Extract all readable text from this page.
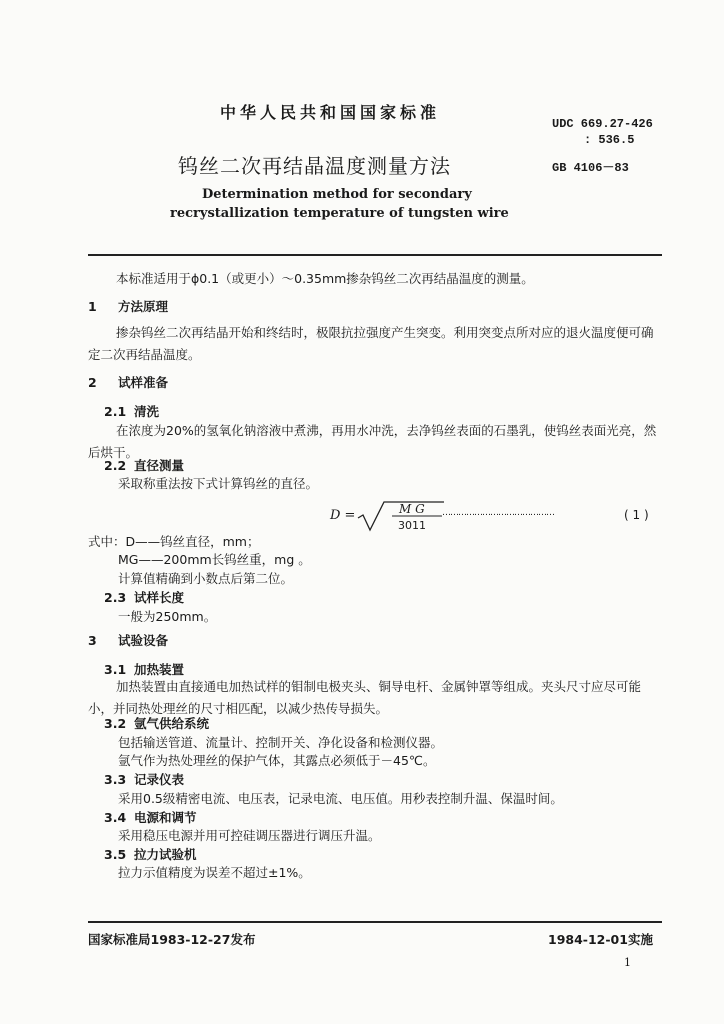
中华人民共和国国家标准
UDC 669.27-426
: 536.5
钨丝二次再结晶温度测量方法	GB 4106－83
Determination method for secondary
recrystallization temperature of tungsten wire
本标准适用于ϕ0.1（或更小）～0.35mm掺杂钨丝二次再结晶温度的测量。
1 方法原理
掺杂钨丝二次再结晶开始和终结时，极限抗拉强度产生突变。利用突变点所对应的退火温度便可确定二次再结晶温度。
2 试样准备
2.1 清洗
在浓度为20%的氢氧化钠溶液中煮沸，再用水冲洗，去净钨丝表面的石墨乳，使钨丝表面光亮，然后烘干。
2.2 直径测量
采取称重法按下式计算钨丝的直径。
D =	M G
3011
……………………………………	( 1 )
式中：D——钨丝直径，mm；
MG——200mm长钨丝重，mg 。
计算值精确到小数点后第二位。
2.3 试样长度
一般为250mm。
3 试验设备
3.1 加热装置
加热装置由直接通电加热试样的钼制电极夹头、铜导电杆、金属钟罩等组成。夹头尺寸应尽可能小，并同热处理丝的尺寸相匹配，以减少热传导损失。
3.2 氩气供给系统
包括输送管道、流量计、控制开关、净化设备和检测仪器。
氩气作为热处理丝的保护气体，其露点必须低于－45℃。
3.3 记录仪表
采用0.5级精密电流、电压表，记录电流、电压值。用秒表控制升温、保温时间。
3.4 电源和调节
采用稳压电源并用可控硅调压器进行调压升温。
3.5 拉力试验机
拉力示值精度为误差不超过±1%。
国家标准局1983-12-27发布	1984-12-01实施
1
